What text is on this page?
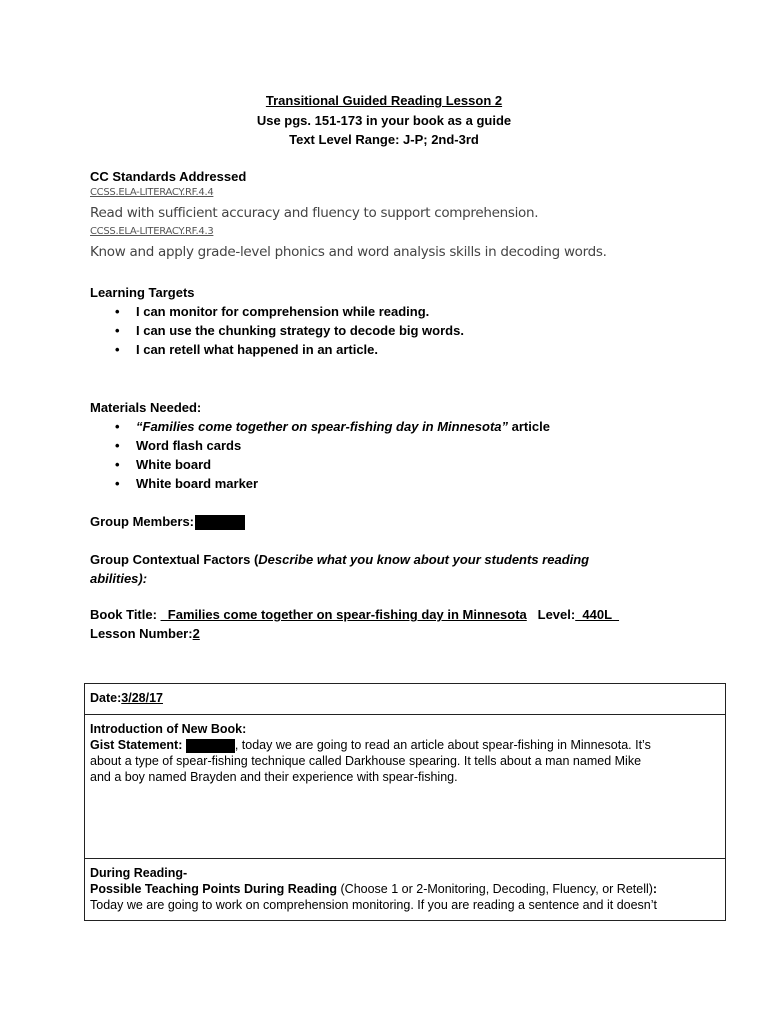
Transitional Guided Reading Lesson 2
Use pgs. 151-173 in your book as a guide
Text Level Range: J-P; 2nd-3rd
CC Standards Addressed
CCSS.ELA-LITERACY.RF.4.4
Read with sufficient accuracy and fluency to support comprehension.
CCSS.ELA-LITERACY.RF.4.3
Know and apply grade-level phonics and word analysis skills in decoding words.
Learning Targets
• I can monitor for comprehension while reading.
• I can use the chunking strategy to decode big words.
• I can retell what happened in an article.
Materials Needed:
• “Families come together on spear-fishing day in Minnesota” article
• Word flash cards
• White board
• White board marker
Group Members:
Group Contextual Factors (Describe what you know about your students reading
abilities):
Book Title:   Families come together on spear-fishing day in Minnesota Level:  440L
Lesson Number:2
Date:3/28/17
Introduction of New Book:
Gist Statement:	, today we are going to read an article about spear-fishing in Minnesota. It’s
about a type of spear-fishing technique called Darkhouse spearing. It tells about a man named Mike
and a boy named Brayden and their experience with spear-fishing.
During Reading-
Possible Teaching Points During Reading (Choose 1 or 2-Monitoring, Decoding, Fluency, or Retell):
Today we are going to work on comprehension monitoring. If you are reading a sentence and it doesn’t
